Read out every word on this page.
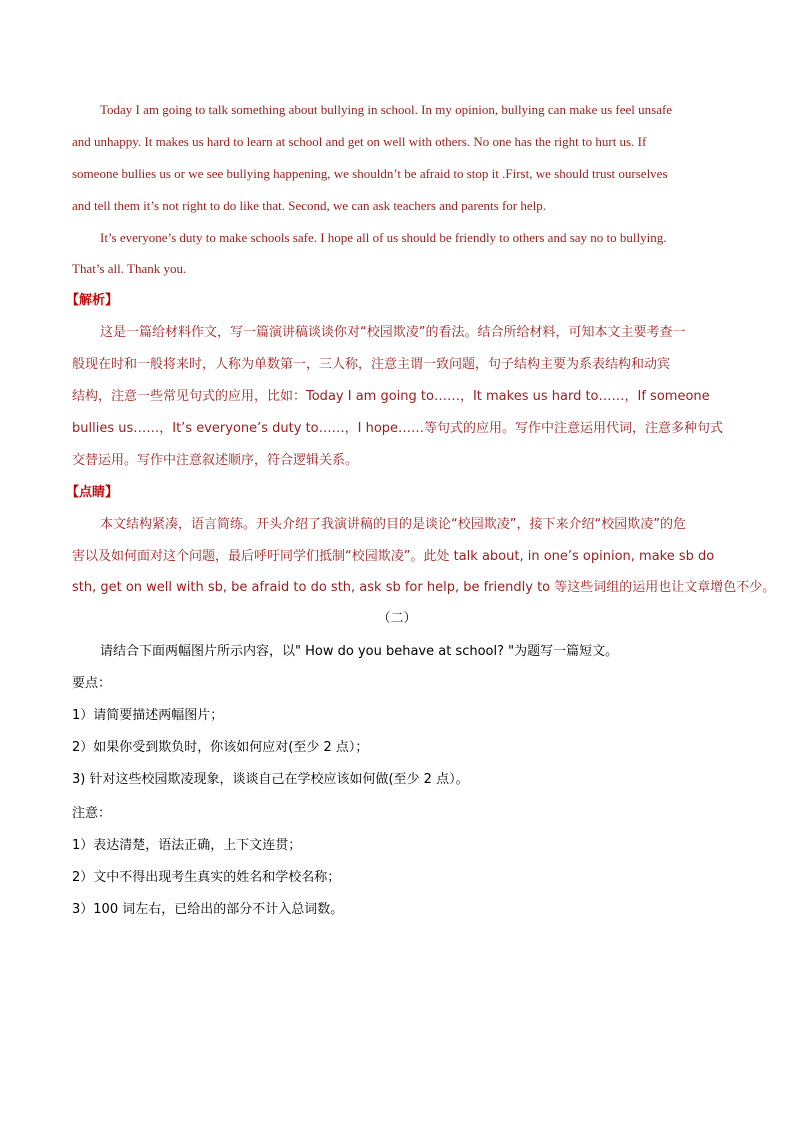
Today I am going to talk something about bullying in school. In my opinion, bullying can make us feel unsafe
and unhappy. It makes us hard to learn at school and get on well with others. No one has the right to hurt us. If
someone bullies us or we see bullying happening, we shouldn’t be afraid to stop it .First, we should trust ourselves
and tell them it’s not right to do like that. Second, we can ask teachers and parents for help.
It’s everyone’s duty to make schools safe. I hope all of us should be friendly to others and say no to bullying.
That’s all. Thank you.
【解析】
这是一篇给材料作文，写一篇演讲稿谈谈你对“校园欺凌”的看法。结合所给材料，可知本文主要考查一
般现在时和一般将来时，人称为单数第一，三人称，注意主谓一致问题，句子结构主要为系表结构和动宾
结构，注意一些常见句式的应用，比如：Today I am going to……，It makes us hard to……，If someone
bullies us……，It’s everyone’s duty to……，I hope……等句式的应用。写作中注意运用代词，注意多种句式
交替运用。写作中注意叙述顺序，符合逻辑关系。
【点睛】
本文结构紧凑，语言简练。开头介绍了我演讲稿的目的是谈论“校园欺凌”，接下来介绍“校园欺凌”的危
害以及如何面对这个问题，最后呼吁同学们抵制“校园欺凌”。此处 talk about, in one’s opinion, make sb do
sth, get on well with sb, be afraid to do sth, ask sb for help, be friendly to 等这些词组的运用也让文章增色不少。
（二）
请结合下面两幅图片所示内容，以" How do you behave at school? "为题写一篇短文。
要点：
1）请简要描述两幅图片；
2）如果你受到欺负时，你该如何应对(至少 2 点）；
3) 针对这些校园欺凌现象，谈谈自己在学校应该如何做(至少 2 点）。
注意：
1）表达清楚，语法正确，上下文连贯；
2）文中不得出现考生真实的姓名和学校名称；
3）100 词左右，已给出的部分不计入总词数。
